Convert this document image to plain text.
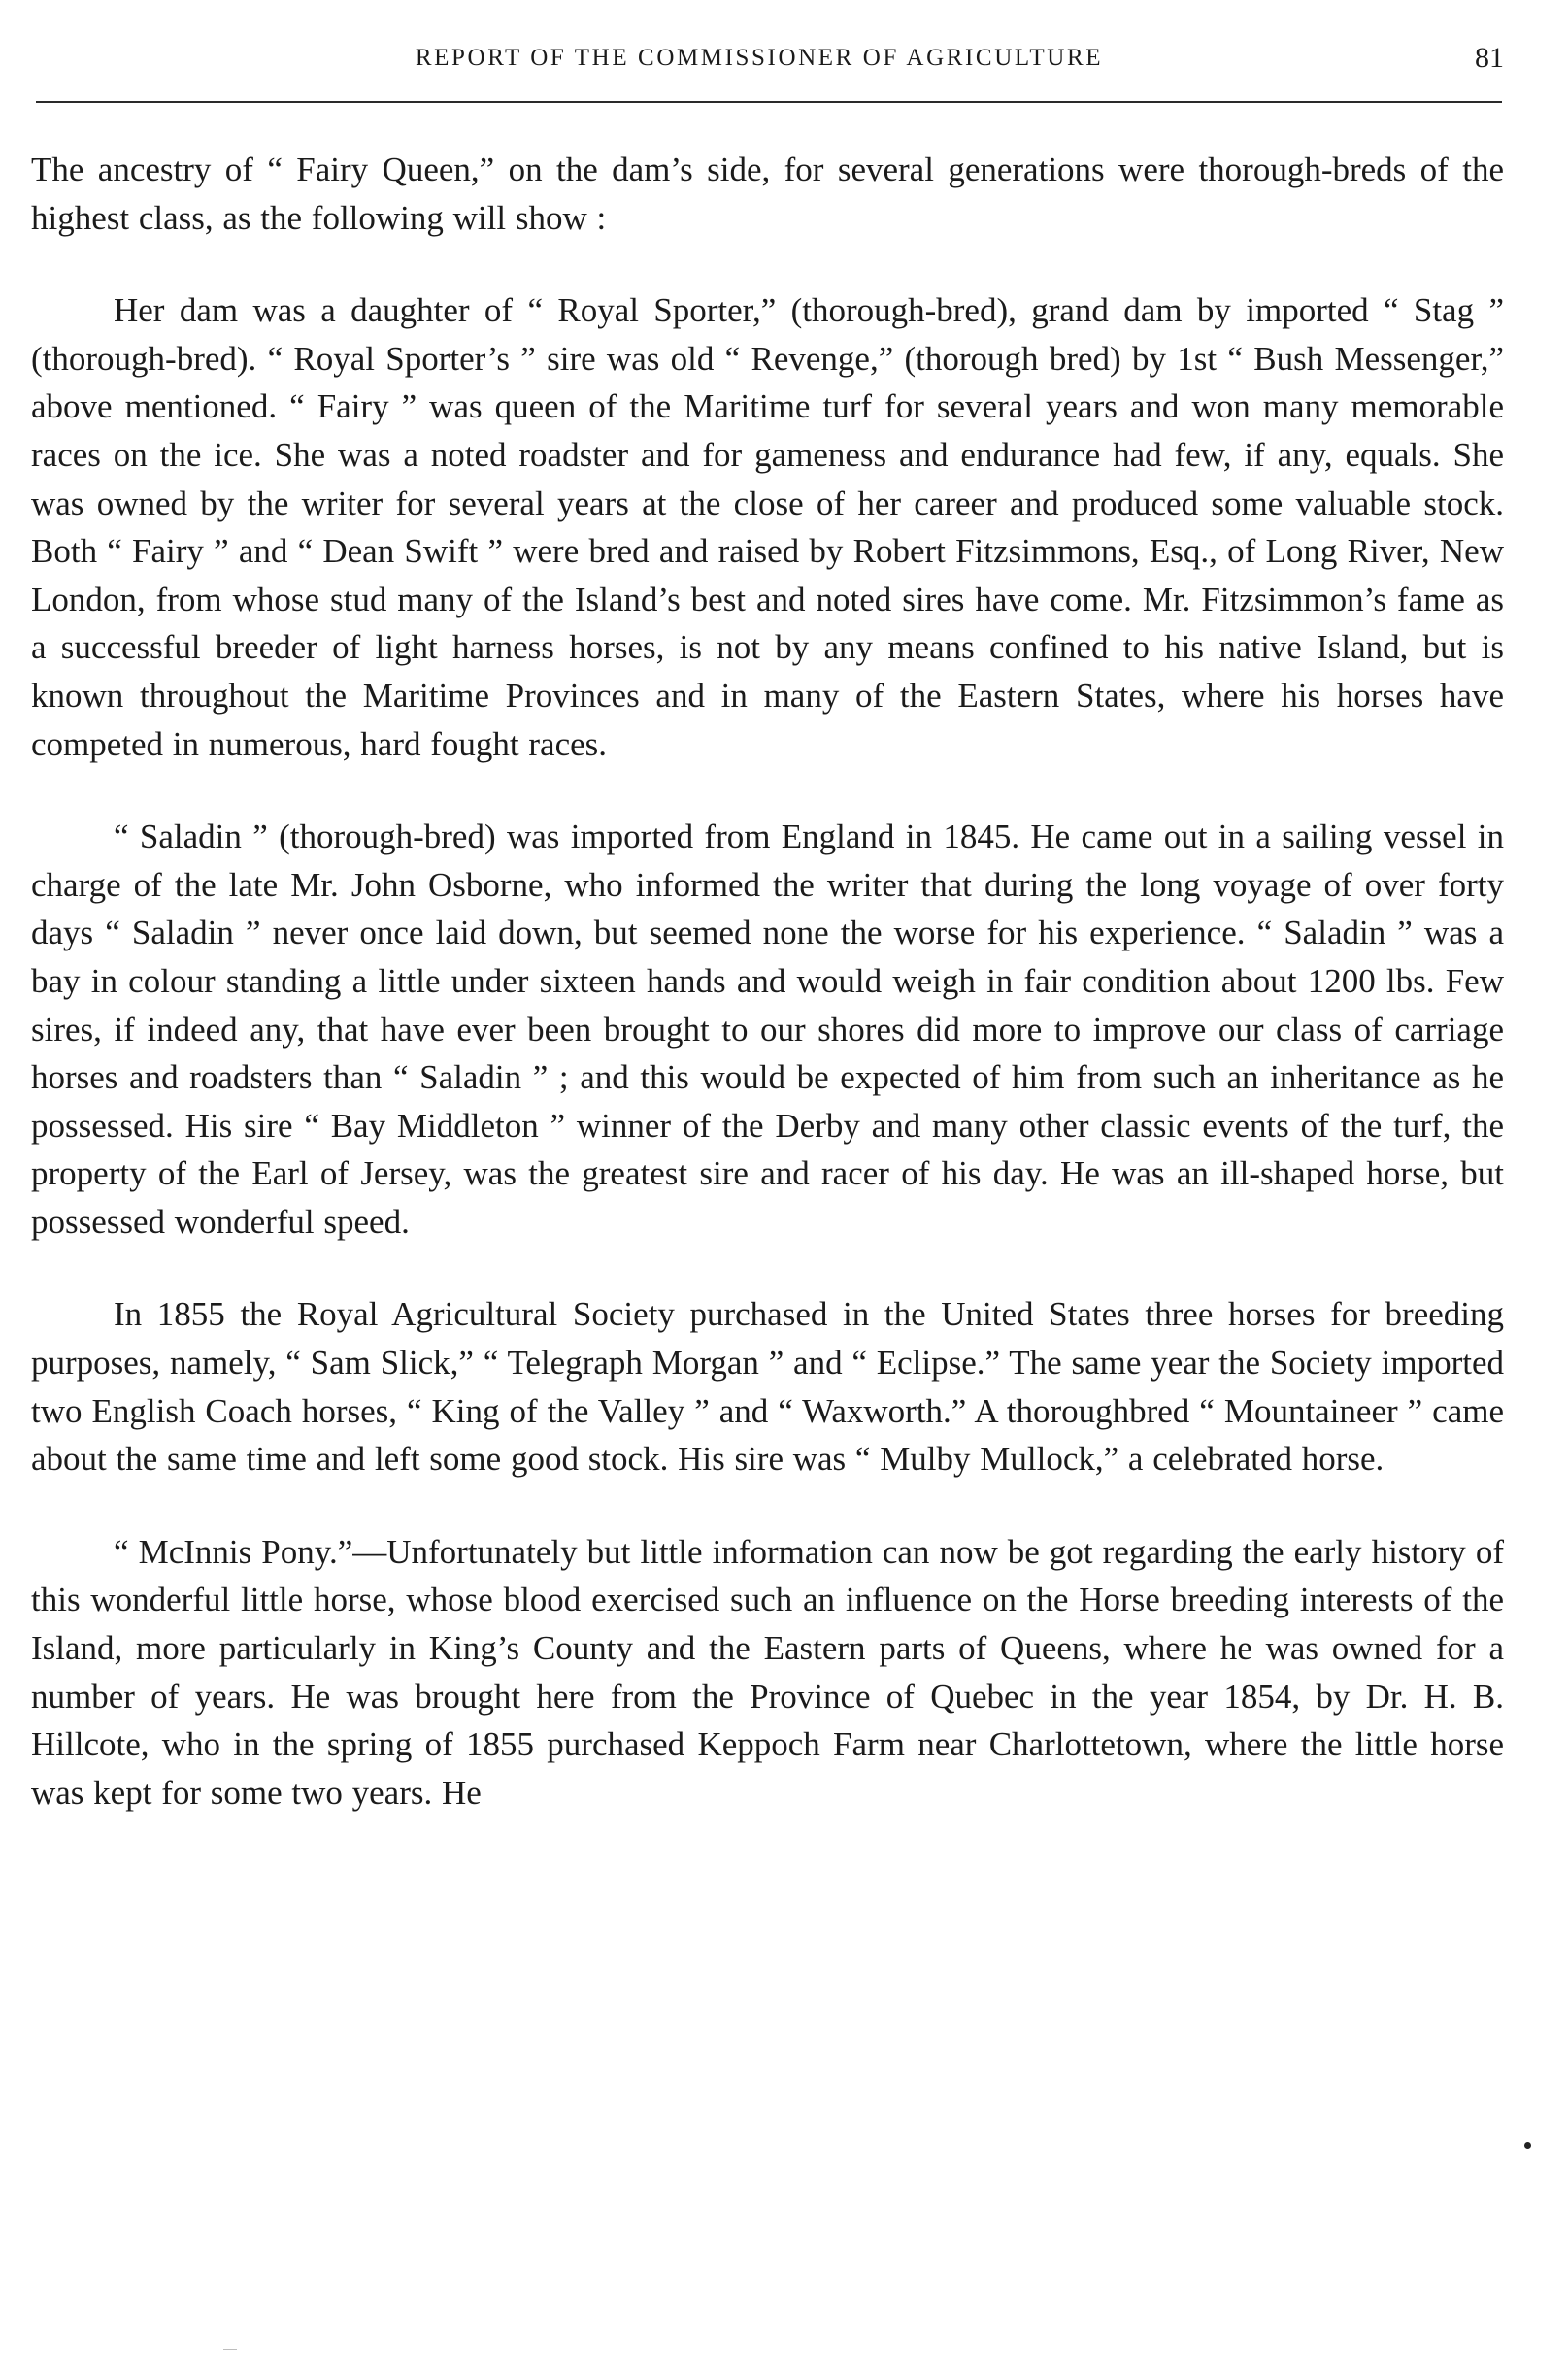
REPORT OF THE COMMISSIONER OF AGRICULTURE	81

The ancestry of “ Fairy Queen,” on the dam’s side, for several generations were thorough-breds of the highest class, as the following will show :

Her dam was a daughter of “ Royal Sporter,” (thorough-bred), grand dam by imported “ Stag ” (thorough-bred). “ Royal Sporter’s ” sire was old “ Revenge,” (thorough bred) by 1st “ Bush Messenger,” above mentioned. “ Fairy ” was queen of the Maritime turf for several years and won many memorable races on the ice. She was a noted roadster and for gameness and endurance had few, if any, equals. She was owned by the writer for several years at the close of her career and produced some valuable stock. Both “ Fairy ” and “ Dean Swift ” were bred and raised by Robert Fitzsimmons, Esq., of Long River, New London, from whose stud many of the Island’s best and noted sires have come. Mr. Fitzsimmon’s fame as a successful breeder of light harness horses, is not by any means confined to his native Island, but is known throughout the Maritime Provinces and in many of the Eastern States, where his horses have competed in numerous, hard fought races.

“ Saladin ” (thorough-bred) was imported from England in 1845. He came out in a sailing vessel in charge of the late Mr. John Osborne, who informed the writer that during the long voyage of over forty days “ Saladin ” never once laid down, but seemed none the worse for his experience. “ Saladin ” was a bay in colour standing a little under sixteen hands and would weigh in fair condition about 1200 lbs. Few sires, if indeed any, that have ever been brought to our shores did more to improve our class of carriage horses and roadsters than “ Saladin ” ; and this would be expected of him from such an inheritance as he possessed. His sire “ Bay Middleton ” winner of the Derby and many other classic events of the turf, the property of the Earl of Jersey, was the greatest sire and racer of his day. He was an ill-shaped horse, but possessed wonderful speed.

In 1855 the Royal Agricultural Society purchased in the United States three horses for breeding purposes, namely, “ Sam Slick,” “ Telegraph Morgan ” and “ Eclipse.” The same year the Society imported two English Coach horses, “ King of the Valley ” and “ Waxworth.” A thoroughbred “ Mountaineer ” came about the same time and left some good stock. His sire was “ Mulby Mullock,” a celebrated horse.

“ McInnis Pony.”—Unfortunately but little information can now be got regarding the early history of this wonderful little horse, whose blood exercised such an influence on the Horse breeding interests of the Island, more particularly in King’s County and the Eastern parts of Queens, where he was owned for a number of years. He was brought here from the Province of Quebec in the year 1854, by Dr. H. B. Hillcote, who in the spring of 1855 purchased Keppoch Farm near Charlottetown, where the little horse was kept for some two years. He
